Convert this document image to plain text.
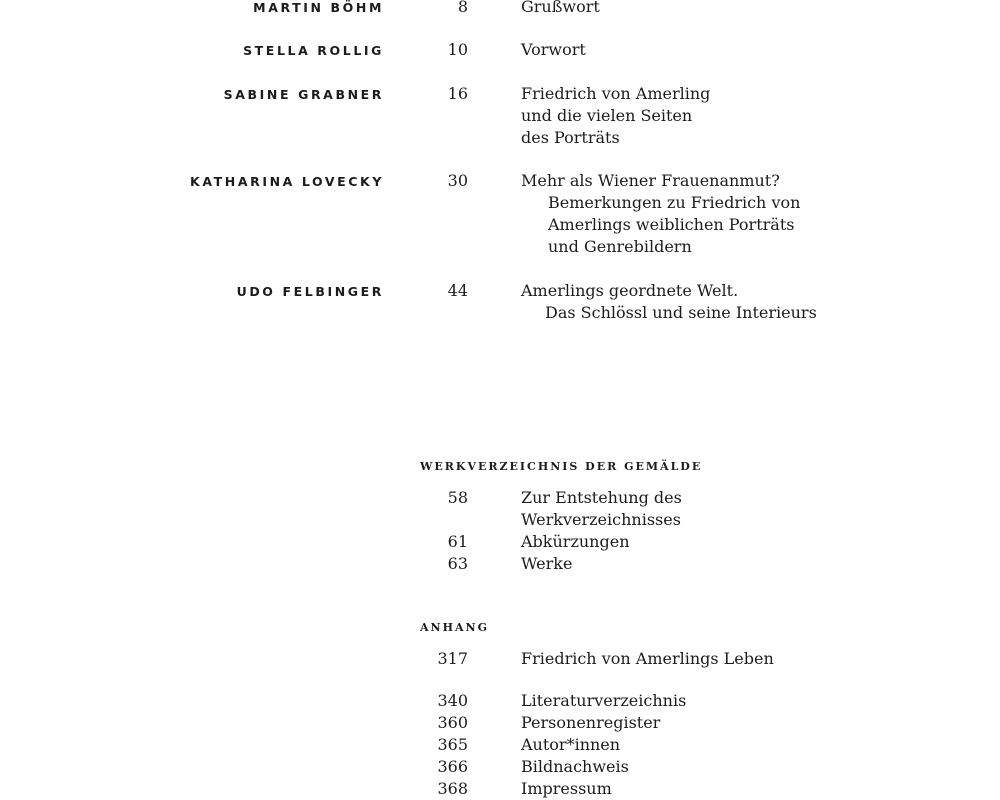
MARTIN BÖHM	8	Grußwort
STELLA ROLLIG	10	Vorwort
SABINE GRABNER	16	Friedrich von Amerling
und die vielen Seiten
des Porträts
KATHARINA LOVECKY	30	Mehr als Wiener Frauenanmut?
Bemerkungen zu Friedrich von
Amerlings weiblichen Porträts
und Genrebildern
UDO FELBINGER	44	Amerlings geordnete Welt.
Das Schlössl und seine Interieurs
WERKVERZEICHNIS DER GEMÄLDE
58	Zur Entstehung des
Werkverzeichnisses
61	Abkürzungen
63	Werke
ANHANG
317	Friedrich von Amerlings Leben
340	Literaturverzeichnis
360	Personenregister
365	Autor*innen
366	Bildnachweis
368	Impressum
